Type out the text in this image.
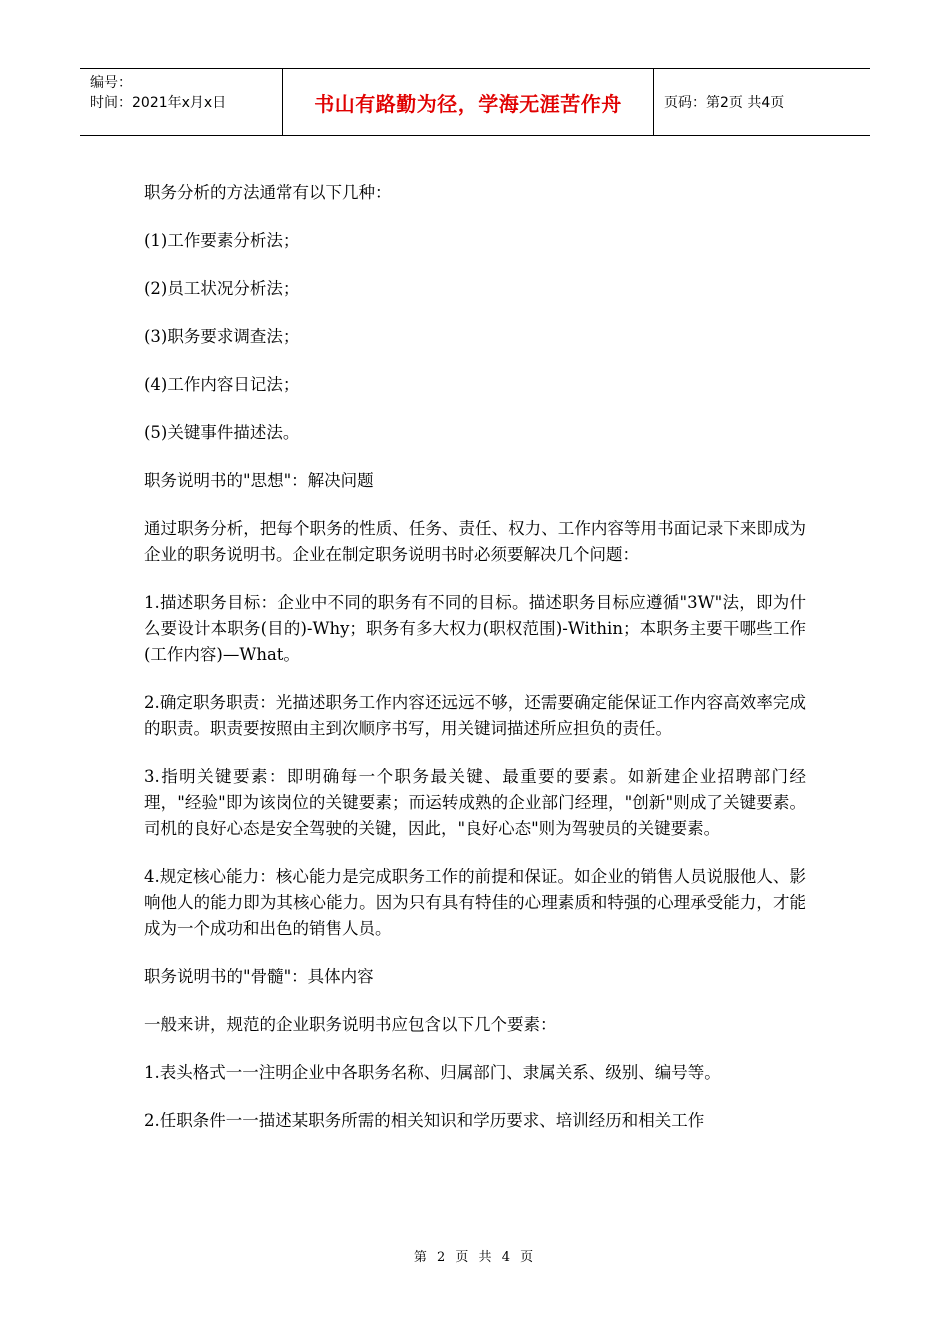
编号：
时间：2021年x月x日	书山有路勤为径，学海无涯苦作舟	页码：第2页 共4页

职务分析的方法通常有以下几种：

(1)工作要素分析法；

(2)员工状况分析法；

(3)职务要求调查法；

(4)工作内容日记法；

(5)关键事件描述法。

职务说明书的"思想"：解决问题

通过职务分析，把每个职务的性质、任务、责任、权力、工作内容等用书面记录下来即成为企业的职务说明书。企业在制定职务说明书时必须要解决几个问题：

1.描述职务目标：企业中不同的职务有不同的目标。描述职务目标应遵循"3W"法，即为什么要设计本职务(目的)-Why；职务有多大权力(职权范围)-Within；本职务主要干哪些工作(工作内容)—What。

2.确定职务职责：光描述职务工作内容还远远不够，还需要确定能保证工作内容高效率完成的职责。职责要按照由主到次顺序书写，用关键词描述所应担负的责任。

3.指明关键要素：即明确每一个职务最关键、最重要的要素。如新建企业招聘部门经理，"经验"即为该岗位的关键要素；而运转成熟的企业部门经理，"创新"则成了关键要素。司机的良好心态是安全驾驶的关键，因此，"良好心态"则为驾驶员的关键要素。

4.规定核心能力：核心能力是完成职务工作的前提和保证。如企业的销售人员说服他人、影响他人的能力即为其核心能力。因为只有具有特佳的心理素质和特强的心理承受能力，才能成为一个成功和出色的销售人员。

职务说明书的"骨髓"：具体内容

一般来讲，规范的企业职务说明书应包含以下几个要素：

1.表头格式一一注明企业中各职务名称、归属部门、隶属关系、级别、编号等。

2.任职条件一一描述某职务所需的相关知识和学历要求、培训经历和相关工作

第 2 页 共 4 页
